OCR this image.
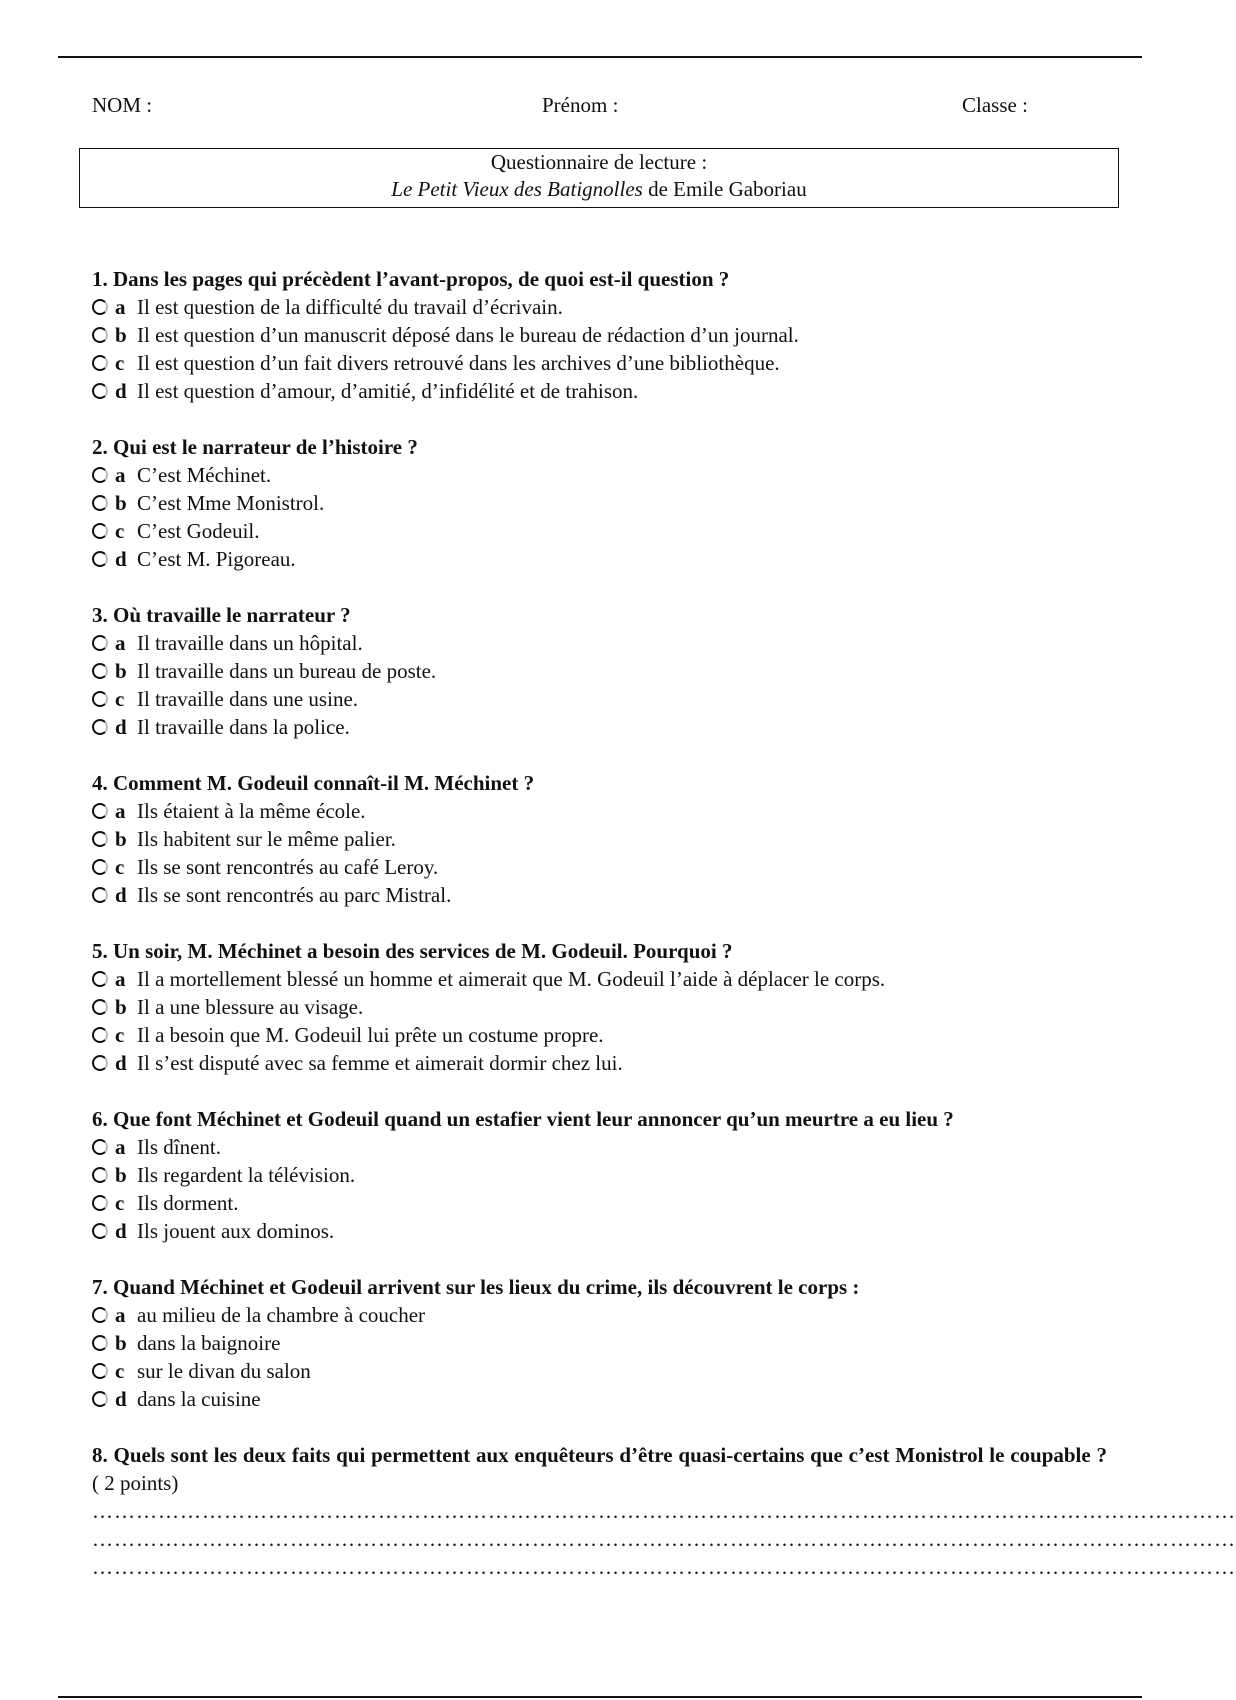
NOM :	Prénom :	Classe :
Questionnaire de lecture :
Le Petit Vieux des Batignolles de Emile Gaboriau
1. Dans les pages qui précèdent l’avant-propos, de quoi est-il question ?
a Il est question de la difficulté du travail d’écrivain.
b Il est question d’un manuscrit déposé dans le bureau de rédaction d’un journal.
c Il est question d’un fait divers retrouvé dans les archives d’une bibliothèque.
d Il est question d’amour, d’amitié, d’infidélité et de trahison.
2. Qui est le narrateur de l’histoire ?
a C’est Méchinet.
b C’est Mme Monistrol.
c C’est Godeuil.
d C’est M. Pigoreau.
3. Où travaille le narrateur ?
a Il travaille dans un hôpital.
b Il travaille dans un bureau de poste.
c Il travaille dans une usine.
d Il travaille dans la police.
4. Comment M. Godeuil connaît-il M. Méchinet ?
a Ils étaient à la même école.
b Ils habitent sur le même palier.
c Ils se sont rencontrés au café Leroy.
d Ils se sont rencontrés au parc Mistral.
5. Un soir, M. Méchinet a besoin des services de M. Godeuil. Pourquoi ?
a Il a mortellement blessé un homme et aimerait que M. Godeuil l’aide à déplacer le corps.
b Il a une blessure au visage.
c Il a besoin que M. Godeuil lui prête un costume propre.
d Il s’est disputé avec sa femme et aimerait dormir chez lui.
6. Que font Méchinet et Godeuil quand un estafier vient leur annoncer qu’un meurtre a eu lieu ?
a Ils dînent.
b Ils regardent la télévision.
c Ils dorment.
d Ils jouent aux dominos.
7. Quand Méchinet et Godeuil arrivent sur les lieux du crime, ils découvrent le corps :
a au milieu de la chambre à coucher
b dans la baignoire
c sur le divan du salon
d dans la cuisine
8. Quels sont les deux faits qui permettent aux enquêteurs d’être quasi-certains que c’est Monistrol le coupable ? ( 2 points)
…………………………………………………………………………………………………………………………………………
…………………………………………………………………………………………………………………………………………
…………………………………………………………………………………………………………………………………………
